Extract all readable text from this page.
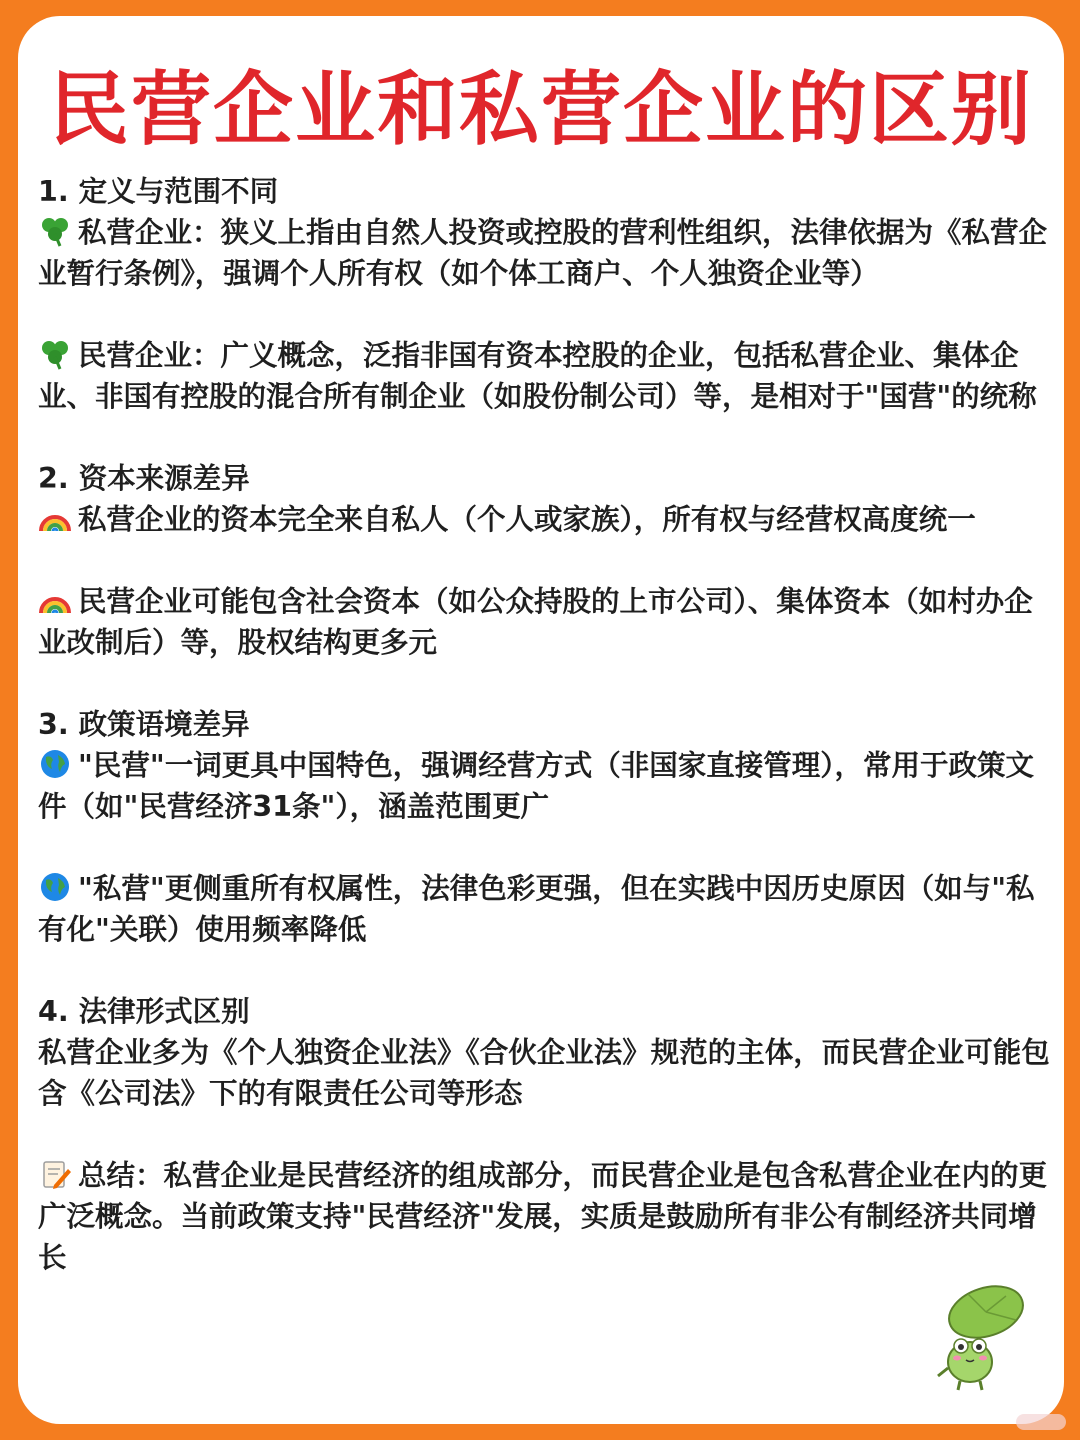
民营企业和私营企业的区别

1. 定义与范围不同

私营企业：狭义上指由自然人投资或控股的营利性组织，法律依据为《私营企业暂行条例》，强调个人所有权（如个体工商户、个人独资企业等）

民营企业：广义概念，泛指非国有资本控股的企业，包括私营企业、集体企业、非国有控股的混合所有制企业（如股份制公司）等，是相对于"国营"的统称

2. 资本来源差异

私营企业的资本完全来自私人（个人或家族），所有权与经营权高度统一

民营企业可能包含社会资本（如公众持股的上市公司）、集体资本（如村办企业改制后）等，股权结构更多元

3. 政策语境差异

"民营"一词更具中国特色，强调经营方式（非国家直接管理），常用于政策文件（如"民营经济31条"），涵盖范围更广

"私营"更侧重所有权属性，法律色彩更强，但在实践中因历史原因（如与"私有化"关联）使用频率降低

4. 法律形式区别

私营企业多为《个人独资企业法》《合伙企业法》规范的主体，而民营企业可能包含《公司法》下的有限责任公司等形态

总结：私营企业是民营经济的组成部分，而民营企业是包含私营企业在内的更广泛概念。当前政策支持"民营经济"发展，实质是鼓励所有非公有制经济共同增长
